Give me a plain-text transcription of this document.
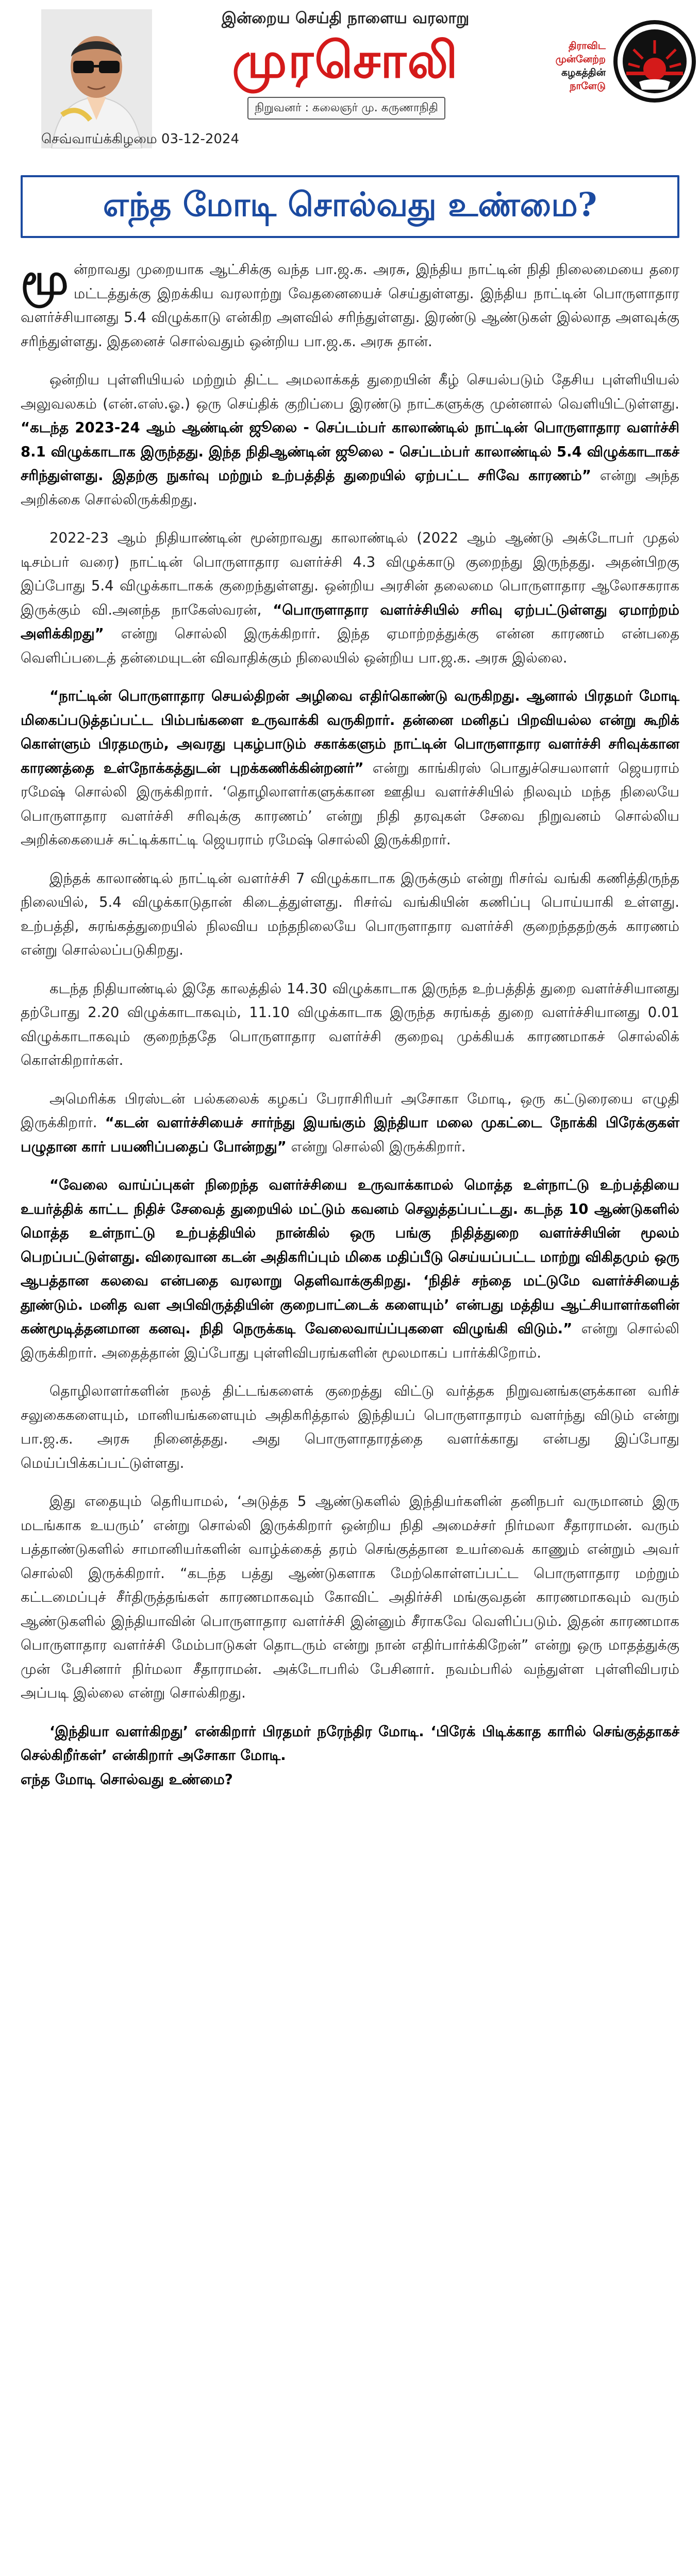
இன்றைய செய்தி நாளைய வரலாறு
முரசொலி
நிறுவனர் : கலைஞர் மு. கருணாநிதி
திராவிட முன்னேற்ற
கழகத்தின்
நாளேடு
செவ்வாய்க்கிழமை 03-12-2024
எந்த மோடி சொல்வது உண்மை?

மூன்றாவது முறையாக ஆட்சிக்கு வந்த பா.ஜ.க. அரசு, இந்திய நாட்டின் நிதி நிலைமையை தரை மட்டத்துக்கு இறக்கிய வரலாற்று வேதனையைச் செய்துள்ளது. இந்திய நாட்டின் பொருளாதார வளர்ச்சியானது 5.4 விழுக்காடு என்கிற அளவில் சரிந்துள்ளது. இரண்டு ஆண்டுகள் இல்லாத அளவுக்கு சரிந்துள்ளது. இதனைச் சொல்வதும் ஒன்றிய பா.ஜ.க. அரசு தான்.

ஒன்றிய புள்ளியியல் மற்றும் திட்ட அமலாக்கத் துறையின் கீழ் செயல்படும் தேசிய புள்ளியியல் அலுவலகம் (என்.எஸ்.ஓ.) ஒரு செய்திக் குறிப்பை இரண்டு நாட்களுக்கு முன்னால் வெளியிட்டுள்ளது. “கடந்த 2023-24 ஆம் ஆண்டின் ஜூலை - செப்டம்பர் காலாண்டில் நாட்டின் பொருளாதார வளர்ச்சி 8.1 விழுக்காடாக இருந்தது. இந்த நிதிஆண்டின் ஜூலை - செப்டம்பர் காலாண்டில் 5.4 விழுக்காடாகச் சரிந்துள்ளது. இதற்கு நுகர்வு மற்றும் உற்பத்தித் துறையில் ஏற்பட்ட சரிவே காரணம்” என்று அந்த அறிக்கை சொல்லிருக்கிறது.

2022-23 ஆம் நிதியாண்டின் மூன்றாவது காலாண்டில் (2022 ஆம் ஆண்டு அக்டோபர் முதல் டிசம்பர் வரை) நாட்டின் பொருளாதார வளர்ச்சி 4.3 விழுக்காடு குறைந்து இருந்தது. அதன்பிறகு இப்போது 5.4 விழுக்காடாகக் குறைந்துள்ளது. ஒன்றிய அரசின் தலைமை பொருளாதார ஆலோசகராக இருக்கும் வி.அனந்த நாகேஸ்வரன், “பொருளாதார வளர்ச்சியில் சரிவு ஏற்பட்டுள்ளது ஏமாற்றம் அளிக்கிறது” என்று சொல்லி இருக்கிறார். இந்த ஏமாற்றத்துக்கு என்ன காரணம் என்பதை வெளிப்படைத் தன்மையுடன் விவாதிக்கும் நிலையில் ஒன்றிய பா.ஜ.க. அரசு இல்லை.

“நாட்டின் பொருளாதார செயல்திறன் அழிவை எதிர்கொண்டு வருகிறது. ஆனால் பிரதமர் மோடி மிகைப்படுத்தப்பட்ட பிம்பங்களை உருவாக்கி வருகிறார். தன்னை மனிதப் பிறவியல்ல என்று கூறிக் கொள்ளும் பிரதமரும், அவரது புகழ்பாடும் சகாக்களும் நாட்டின் பொருளாதார வளர்ச்சி சரிவுக்கான காரணத்தை உள்நோக்கத்துடன் புறக்கணிக்கின்றனர்” என்று காங்கிரஸ் பொதுச்செயலாளர் ஜெயராம் ரமேஷ் சொல்லி இருக்கிறார். ‘தொழிலாளர்களுக்கான ஊதிய வளர்ச்சியில் நிலவும் மந்த நிலையே பொருளாதார வளர்ச்சி சரிவுக்கு காரணம்’ என்று நிதி தரவுகள் சேவை நிறுவனம் சொல்லிய அறிக்கையைச் சுட்டிக்காட்டி ஜெயராம் ரமேஷ் சொல்லி இருக்கிறார்.

இந்தக் காலாண்டில் நாட்டின் வளர்ச்சி 7 விழுக்காடாக இருக்கும் என்று ரிசர்வ் வங்கி கணித்திருந்த நிலையில், 5.4 விழுக்காடுதான் கிடைத்துள்ளது. ரிசர்வ் வங்கியின் கணிப்பு பொய்யாகி உள்ளது. உற்பத்தி, சுரங்கத்துறையில் நிலவிய மந்தநிலையே பொருளாதார வளர்ச்சி குறைந்ததற்குக் காரணம் என்று சொல்லப்படுகிறது.

கடந்த நிதியாண்டில் இதே காலத்தில் 14.30 விழுக்காடாக இருந்த உற்பத்தித் துறை வளர்ச்சியானது தற்போது 2.20 விழுக்காடாகவும், 11.10 விழுக்காடாக இருந்த சுரங்கத் துறை வளர்ச்சியானது 0.01 விழுக்காடாகவும் குறைந்ததே பொருளாதார வளர்ச்சி குறைவு முக்கியக் காரணமாகச் சொல்லிக் கொள்கிறார்கள்.

அமெரிக்க பிரஸ்டன் பல்கலைக் கழகப் பேராசிரியர் அசோகா மோடி, ஒரு கட்டுரையை எழுதி இருக்கிறார். “கடன் வளர்ச்சியைச் சார்ந்து இயங்கும் இந்தியா மலை முகட்டை நோக்கி பிரேக்குகள் பழுதான கார் பயணிப்பதைப் போன்றது” என்று சொல்லி இருக்கிறார்.

“வேலை வாய்ப்புகள் நிறைந்த வளர்ச்சியை உருவாக்காமல் மொத்த உள்நாட்டு உற்பத்தியை உயர்த்திக் காட்ட நிதிச் சேவைத் துறையில் மட்டும் கவனம் செலுத்தப்பட்டது. கடந்த 10 ஆண்டுகளில் மொத்த உள்நாட்டு உற்பத்தியில் நான்கில் ஒரு பங்கு நிதித்துறை வளர்ச்சியின் மூலம் பெறப்பட்டுள்ளது. விரைவான கடன் அதிகரிப்பும் மிகை மதிப்பீடு செய்யப்பட்ட மாற்று விகிதமும் ஒரு ஆபத்தான கலவை என்பதை வரலாறு தெளிவாக்குகிறது. ‘நிதிச் சந்தை மட்டுமே வளர்ச்சியைத் தூண்டும். மனித வள அபிவிருத்தியின் குறைபாட்டைக் களையும்’ என்பது மத்திய ஆட்சியாளர்களின் கண்மூடித்தனமான கனவு. நிதி நெருக்கடி வேலைவாய்ப்புகளை விழுங்கி விடும்.” என்று சொல்லி இருக்கிறார். அதைத்தான் இப்போது புள்ளிவிபரங்களின் மூலமாகப் பார்க்கிறோம்.

தொழிலாளர்களின் நலத் திட்டங்களைக் குறைத்து விட்டு வர்த்தக நிறுவனங்களுக்கான வரிச் சலுகைகளையும், மானியங்களையும் அதிகரித்தால் இந்தியப் பொருளாதாரம் வளர்ந்து விடும் என்று பா.ஜ.க. அரசு நினைத்தது. அது பொருளாதாரத்தை வளர்க்காது என்பது இப்போது மெய்ப்பிக்கப்பட்டுள்ளது.

இது எதையும் தெரியாமல், ‘அடுத்த 5 ஆண்டுகளில் இந்தியர்களின் தனிநபர் வருமானம் இரு மடங்காக உயரும்’ என்று சொல்லி இருக்கிறார் ஒன்றிய நிதி அமைச்சர் நிர்மலா சீதாராமன். வரும் பத்தாண்டுகளில் சாமானியர்களின் வாழ்க்கைத் தரம் செங்குத்தான உயர்வைக் காணும் என்றும் அவர் சொல்லி இருக்கிறார். “கடந்த பத்து ஆண்டுகளாக மேற்கொள்ளப்பட்ட பொருளாதார மற்றும் கட்டமைப்புச் சீர்திருத்தங்கள் காரணமாகவும் கோவிட் அதிர்ச்சி மங்குவதன் காரணமாகவும் வரும் ஆண்டுகளில் இந்தியாவின் பொருளாதார வளர்ச்சி இன்னும் சீராகவே வெளிப்படும். இதன் காரணமாக பொருளாதார வளர்ச்சி மேம்பாடுகள் தொடரும் என்று நான் எதிர்பார்க்கிறேன்” என்று ஒரு மாதத்துக்கு முன் பேசினார் நிர்மலா சீதாராமன். அக்டோபரில் பேசினார். நவம்பரில் வந்துள்ள புள்ளிவிபரம் அப்படி இல்லை என்று சொல்கிறது.

‘இந்தியா வளர்கிறது’ என்கிறார் பிரதமர் நரேந்திர மோடி. ‘பிரேக் பிடிக்காத காரில் செங்குத்தாகச் செல்கிறீர்கள்’ என்கிறார் அசோகா மோடி.
எந்த மோடி சொல்வது உண்மை?
